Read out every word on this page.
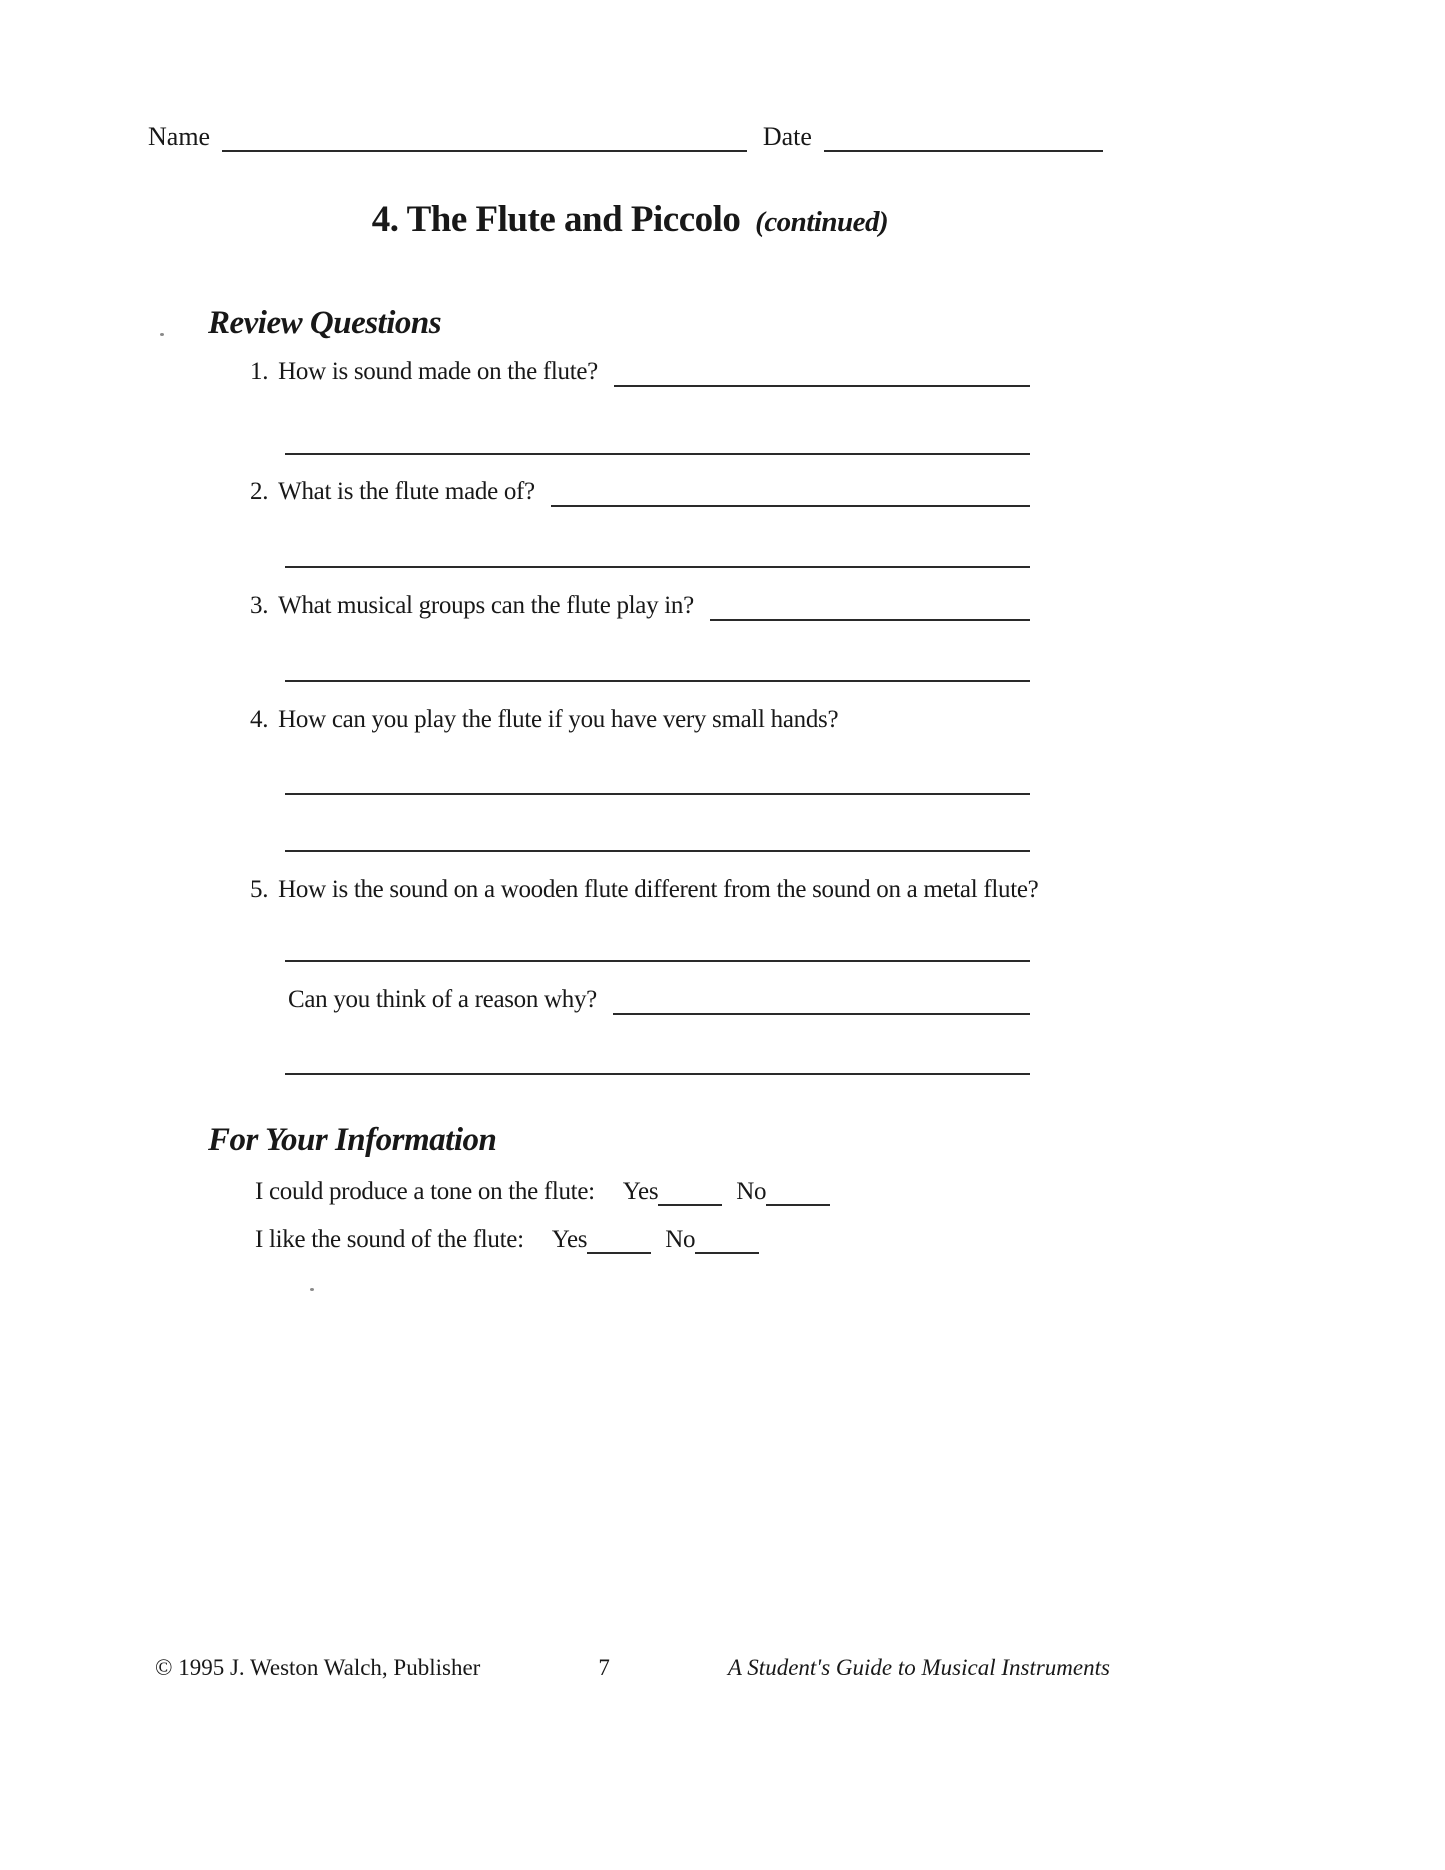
Name	Date
4. The Flute and Piccolo (continued)
Review Questions
1. How is sound made on the flute?
2. What is the flute made of?
3. What musical groups can the flute play in?
4. How can you play the flute if you have very small hands?
5. How is the sound on a wooden flute different from the sound on a metal flute?
Can you think of a reason why?
For Your Information
I could produce a tone on the flute: Yes	No
I like the sound of the flute: Yes	No
© 1995 J. Weston Walch, Publisher	7	A Student's Guide to Musical Instruments
